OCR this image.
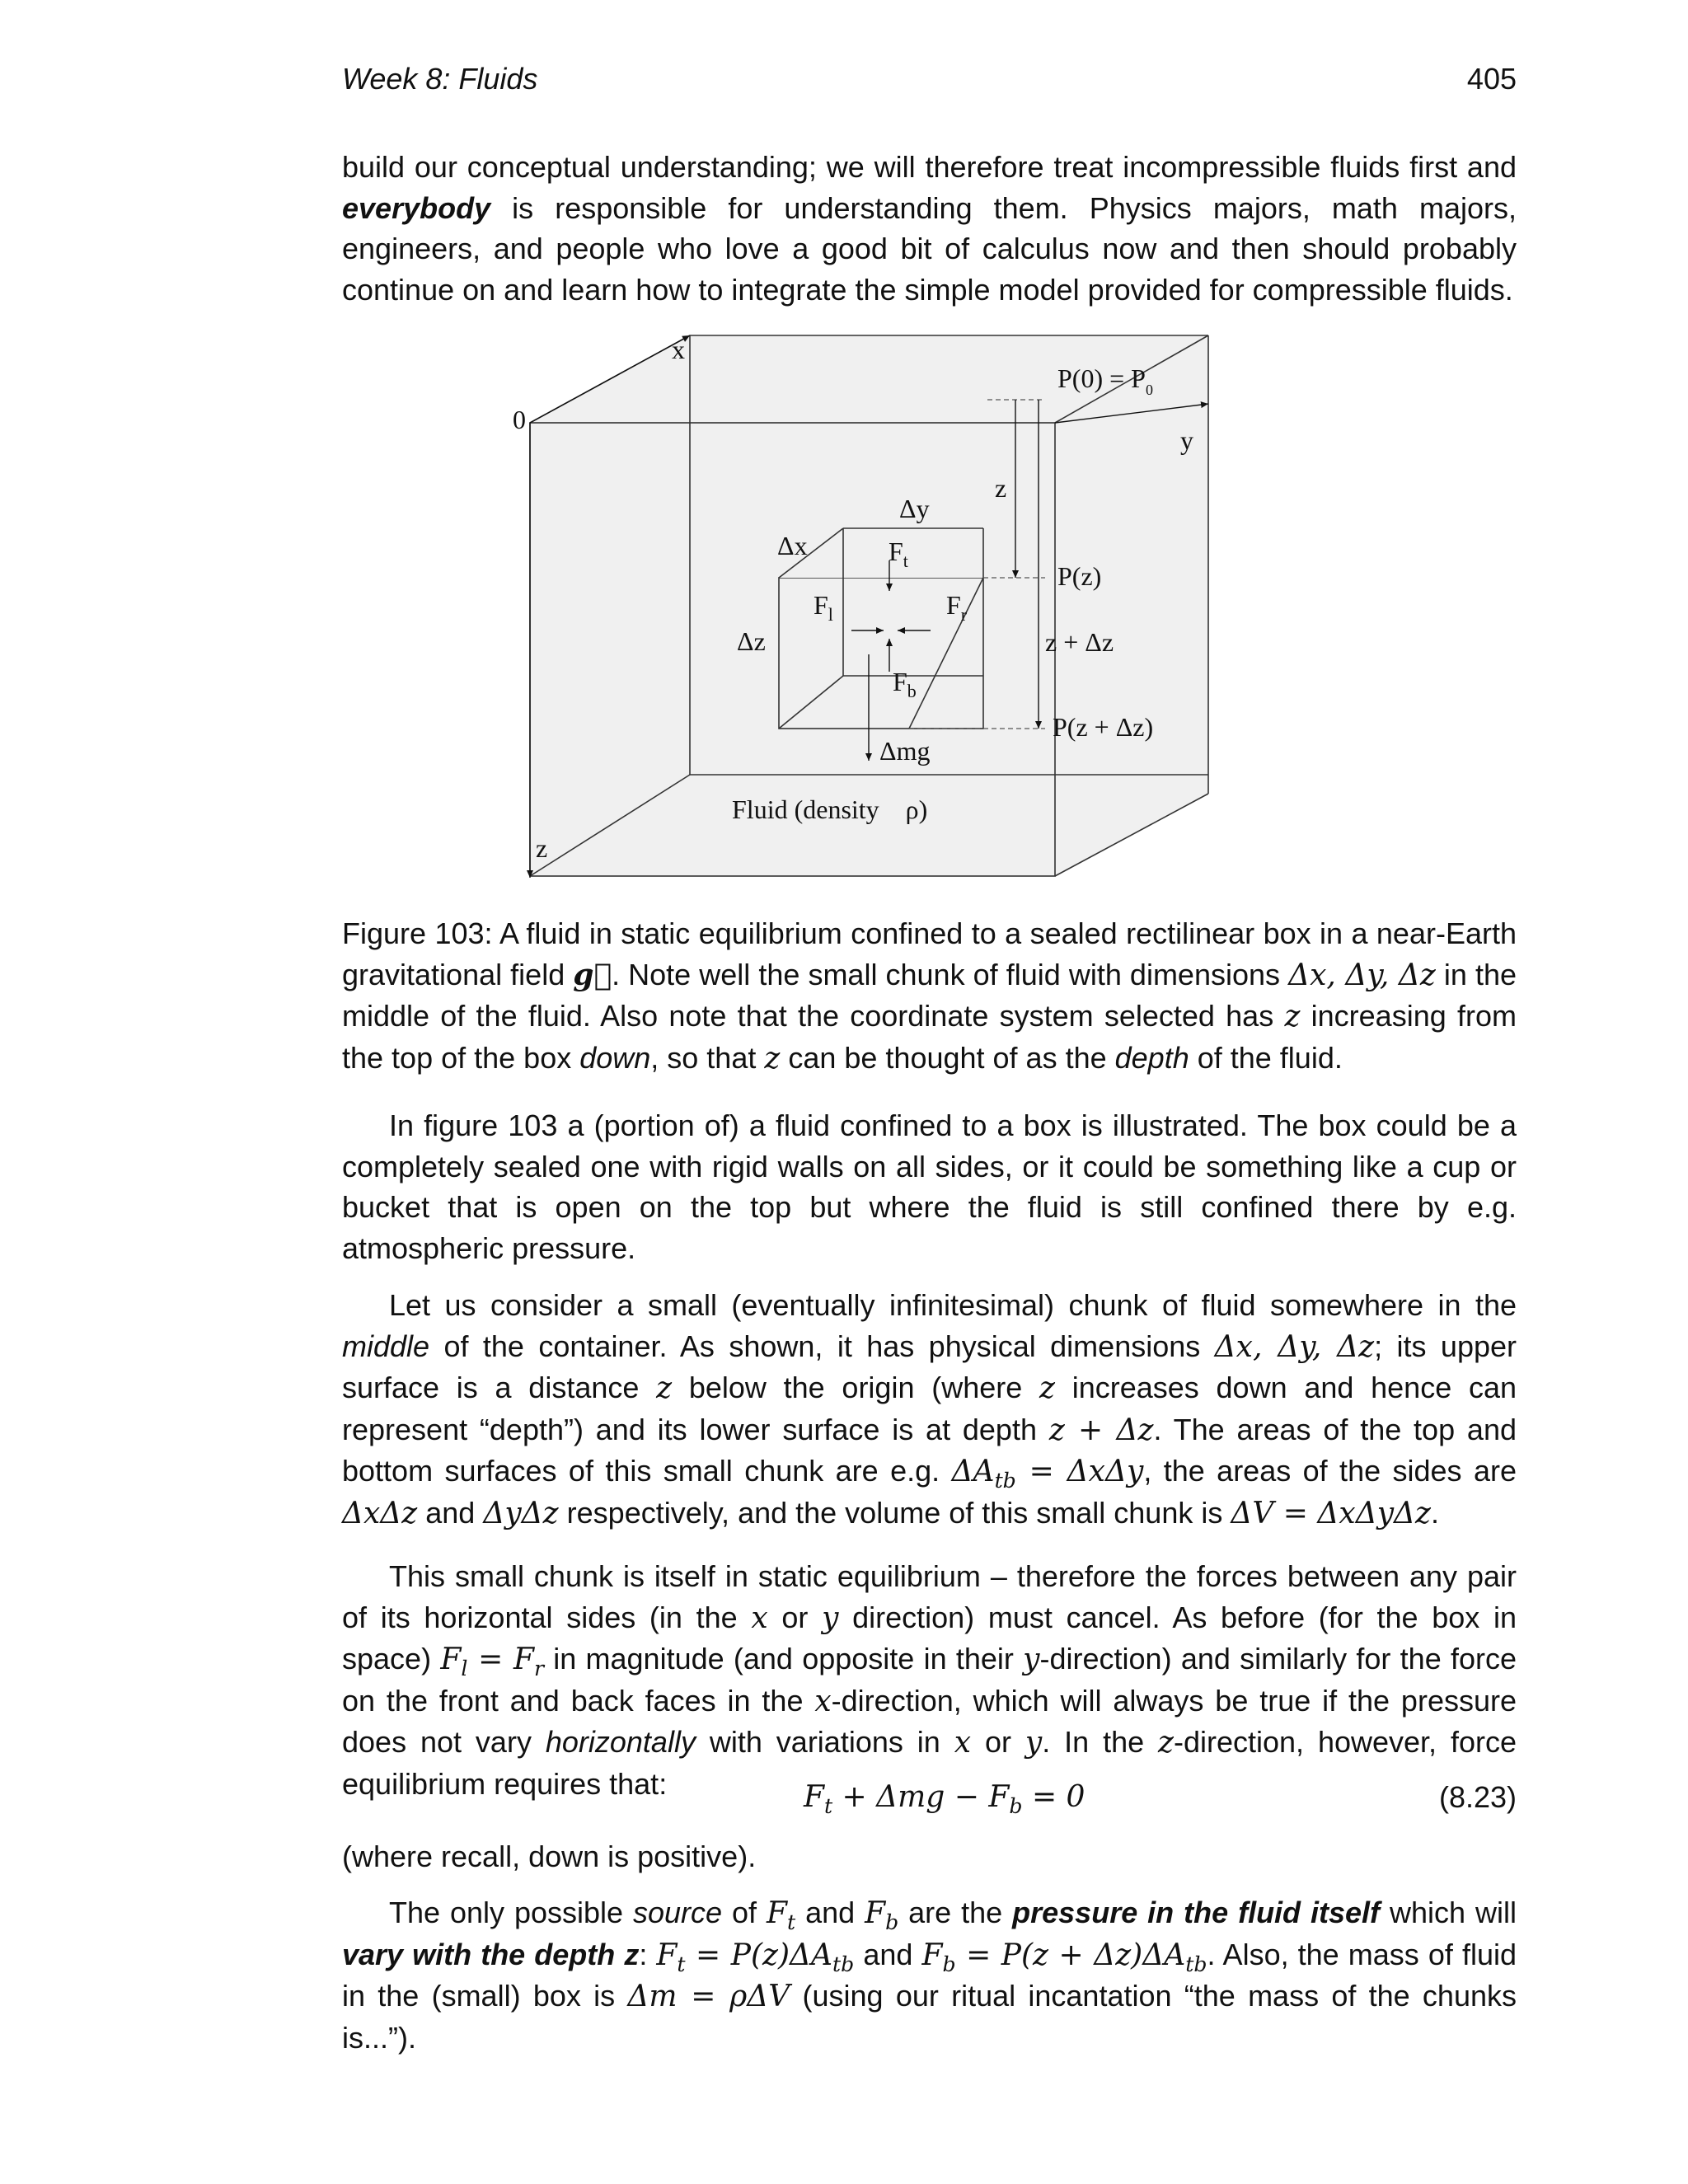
Week 8: Fluids	405

build our conceptual understanding; we will therefore treat incompressible fluids first and everybody is responsible for understanding them. Physics majors, math majors, engineers, and people who love a good bit of calculus now and then should probably continue on and learn how to integrate the simple model provided for compressible fluids.

0
x
y
z
z
$P(0) = P_0$
P(z)
z + Δz
P(z + Δz)
Δx
Δy
Δz
$F_t$
$F_l$	$F_r$
$F_b$
Δmg
Fluid (density    ρ)

Figure 103: A fluid in static equilibrium confined to a sealed rectilinear box in a near-Earth gravitational field g⃗. Note well the small chunk of fluid with dimensions Δx, Δy, Δz in the middle of the fluid. Also note that the coordinate system selected has z increasing from the top of the box down, so that z can be thought of as the depth of the fluid.

In figure 103 a (portion of) a fluid confined to a box is illustrated. The box could be a completely sealed one with rigid walls on all sides, or it could be something like a cup or bucket that is open on the top but where the fluid is still confined there by e.g. atmospheric pressure.

Let us consider a small (eventually infinitesimal) chunk of fluid somewhere in the middle of the container. As shown, it has physical dimensions Δx, Δy, Δz; its upper surface is a distance z below the origin (where z increases down and hence can represent “depth”) and its lower surface is at depth z + Δz. The areas of the top and bottom surfaces of this small chunk are e.g. $\Delta A_{tb} = \Delta x\Delta y$, the areas of the sides are ΔxΔz and ΔyΔz respectively, and the volume of this small chunk is ΔV = ΔxΔyΔz.

This small chunk is itself in static equilibrium – therefore the forces between any pair of its horizontal sides (in the x or y direction) must cancel. As before (for the box in space) $F_l = F_r$ in magnitude (and opposite in their y-direction) and similarly for the force on the front and back faces in the x-direction, which will always be true if the pressure does not vary horizontally with variations in x or y. In the z-direction, however, force equilibrium requires that:	$F_t + \Delta mg - F_b = 0$	(8.23)

(where recall, down is positive).

The only possible source of $F_t$ and $F_b$ are the pressure in the fluid itself which will vary with the depth z: $F_t = P(z)\Delta A_{tb}$ and $F_b = P(z + \Delta z)\Delta A_{tb}$. Also, the mass of fluid in the (small) box is Δm = ρΔV (using our ritual incantation “the mass of the chunks is...”).
